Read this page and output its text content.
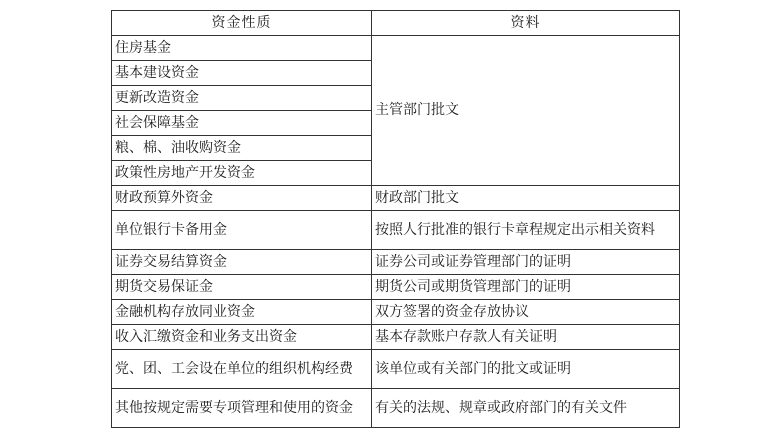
资金性质	资料
住房基金	主管部门批文
基本建设资金	
更新改造资金	
社会保障基金	
粮、棉、油收购资金	
政策性房地产开发资金	
财政预算外资金	财政部门批文
单位银行卡备用金	按照人行批准的银行卡章程规定出示相关资料
证券交易结算资金	证券公司或证券管理部门的证明
期货交易保证金	期货公司或期货管理部门的证明
金融机构存放同业资金	双方签署的资金存放协议
收入汇缴资金和业务支出资金	基本存款账户存款人有关证明
党、团、工会设在单位的组织机构经费	该单位或有关部门的批文或证明
其他按规定需要专项管理和使用的资金	有关的法规、规章或政府部门的有关文件
